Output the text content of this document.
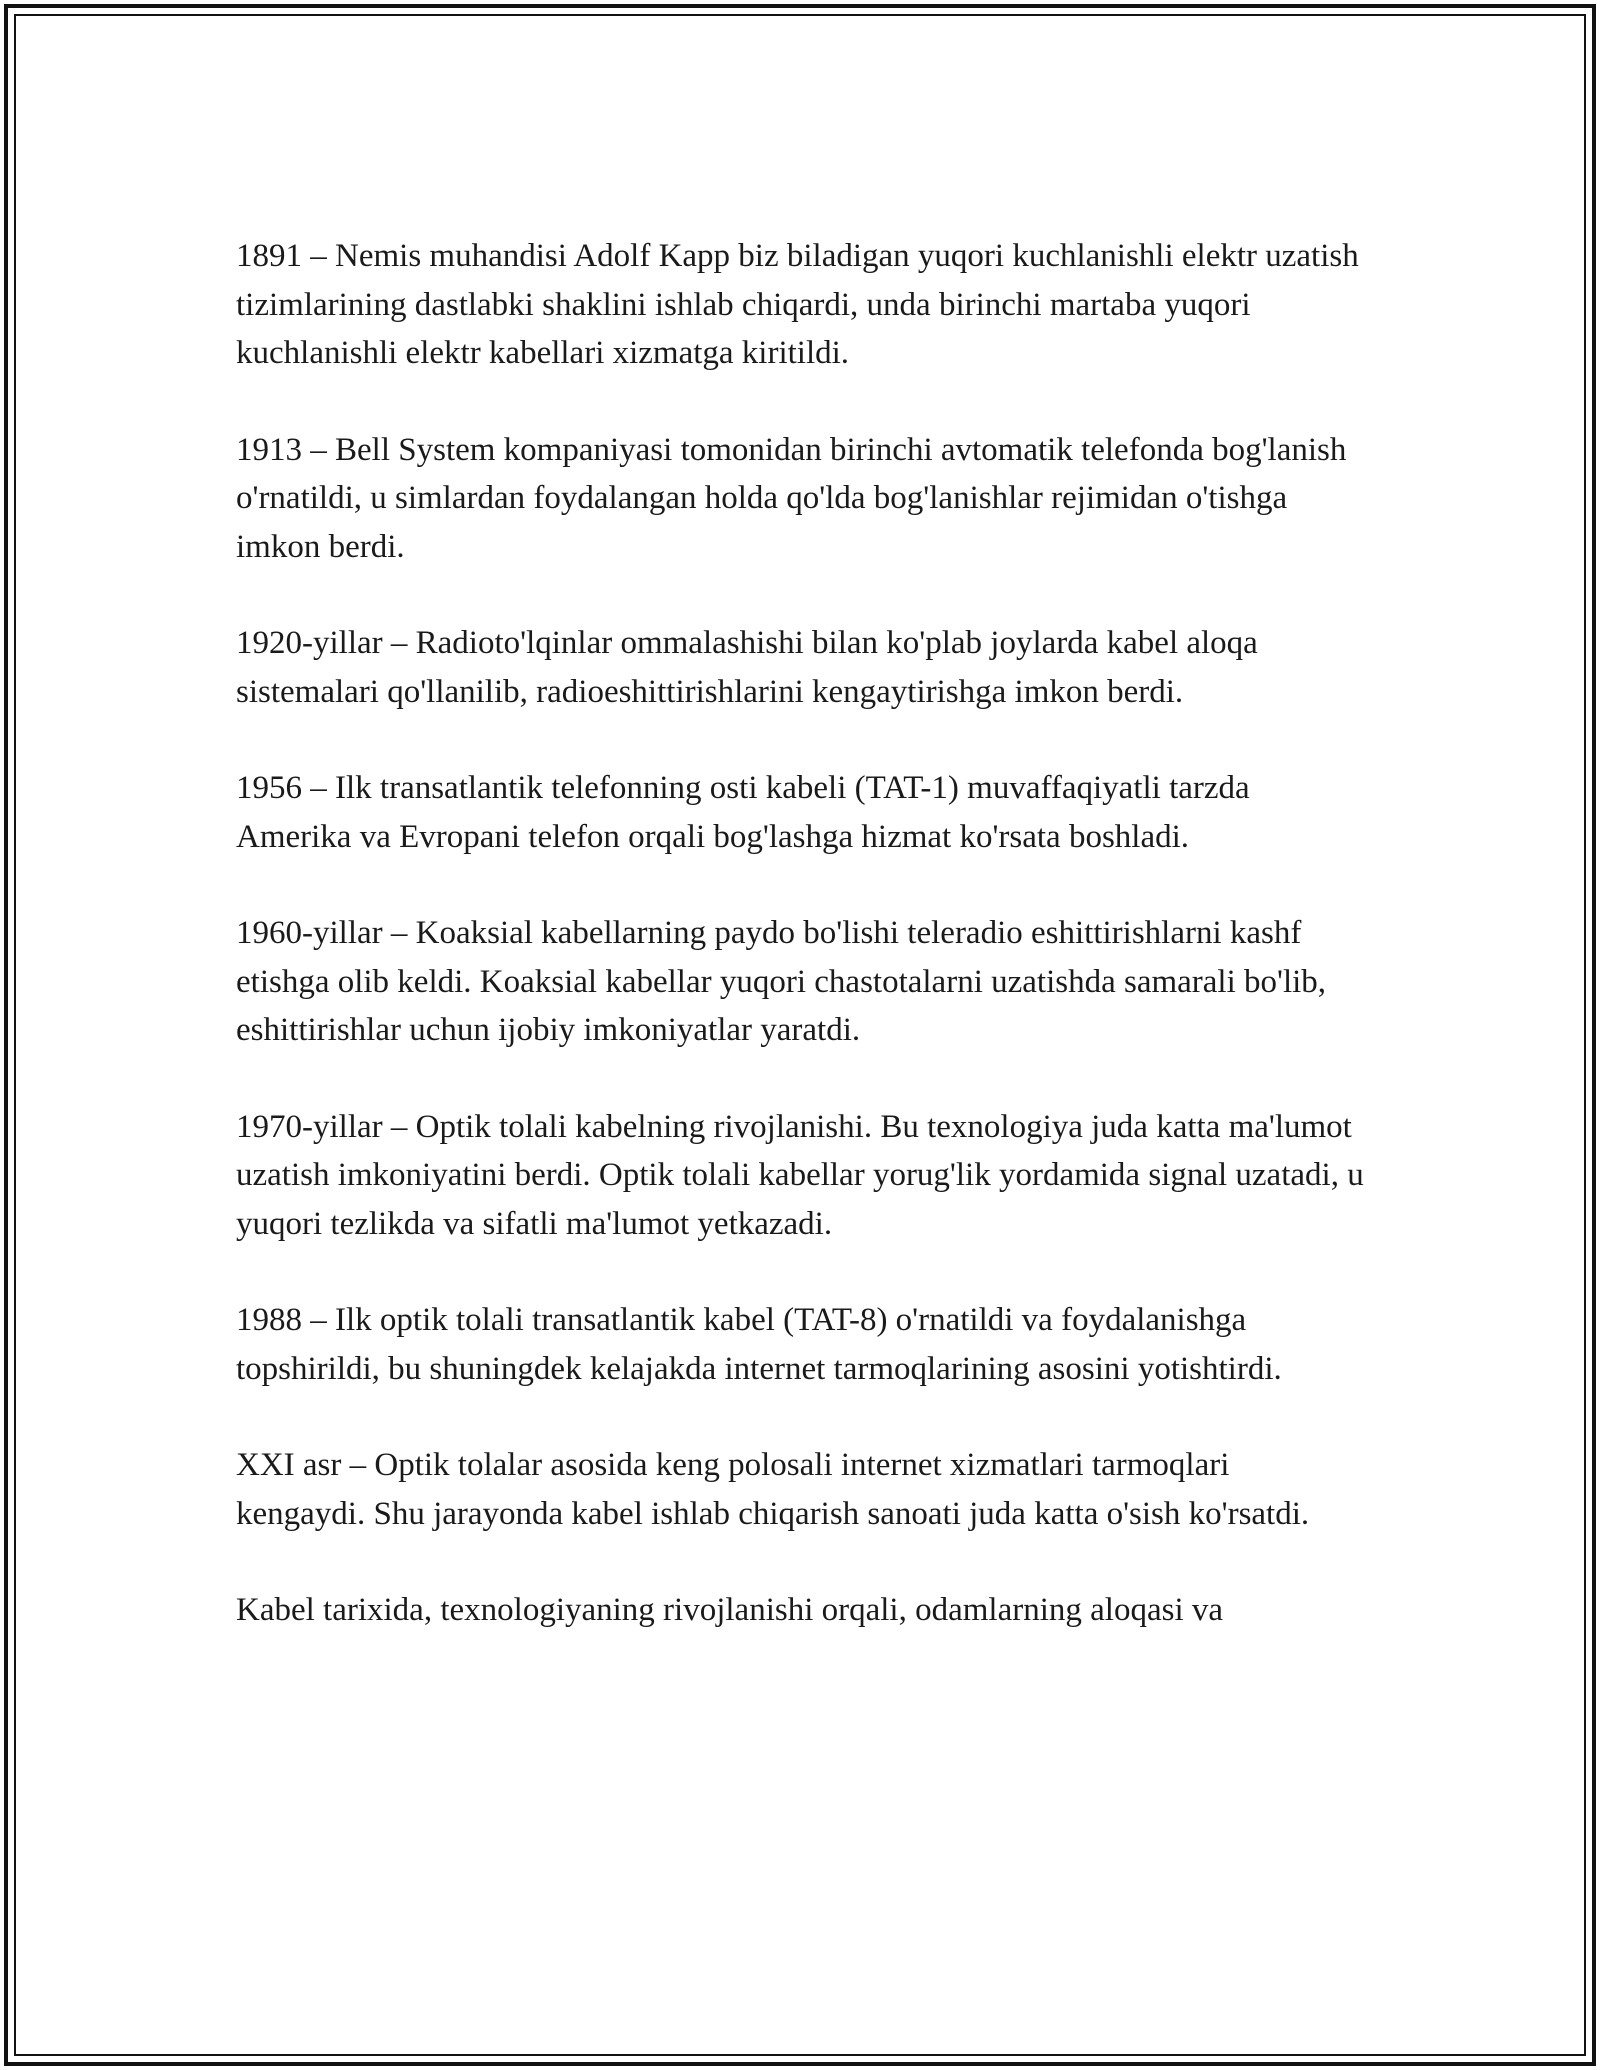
1891 – Nemis muhandisi Adolf Kapp biz biladigan yuqori kuchlanishli elektr uzatish tizimlarining dastlabki shaklini ishlab chiqardi, unda birinchi martaba yuqori kuchlanishli elektr kabellari xizmatga kiritildi.

1913 – Bell System kompaniyasi tomonidan birinchi avtomatik telefonda bog'lanish o'rnatildi, u simlardan foydalangan holda qo'lda bog'lanishlar rejimidan o'tishga imkon berdi.

1920-yillar – Radioto'lqinlar ommalashishi bilan ko'plab joylarda kabel aloqa sistemalari qo'llanilib, radioeshittirishlarini kengaytirishga imkon berdi.

1956 – Ilk transatlantik telefonning osti kabeli (TAT-1) muvaffaqiyatli tarzda Amerika va Evropani telefon orqali bog'lashga hizmat ko'rsata boshladi.

1960-yillar – Koaksial kabellarning paydo bo'lishi teleradio eshittirishlarni kashf etishga olib keldi. Koaksial kabellar yuqori chastotalarni uzatishda samarali bo'lib, eshittirishlar uchun ijobiy imkoniyatlar yaratdi.

1970-yillar – Optik tolali kabelning rivojlanishi. Bu texnologiya juda katta ma'lumot uzatish imkoniyatini berdi. Optik tolali kabellar yorug'lik yordamida signal uzatadi, u yuqori tezlikda va sifatli ma'lumot yetkazadi.

1988 – Ilk optik tolali transatlantik kabel (TAT-8) o'rnatildi va foydalanishga topshirildi, bu shuningdek kelajakda internet tarmoqlarining asosini yotishtirdi.

XXI asr – Optik tolalar asosida keng polosali internet xizmatlari tarmoqlari kengaydi. Shu jarayonda kabel ishlab chiqarish sanoati juda katta o'sish ko'rsatdi.

Kabel tarixida, texnologiyaning rivojlanishi orqali, odamlarning aloqasi va
